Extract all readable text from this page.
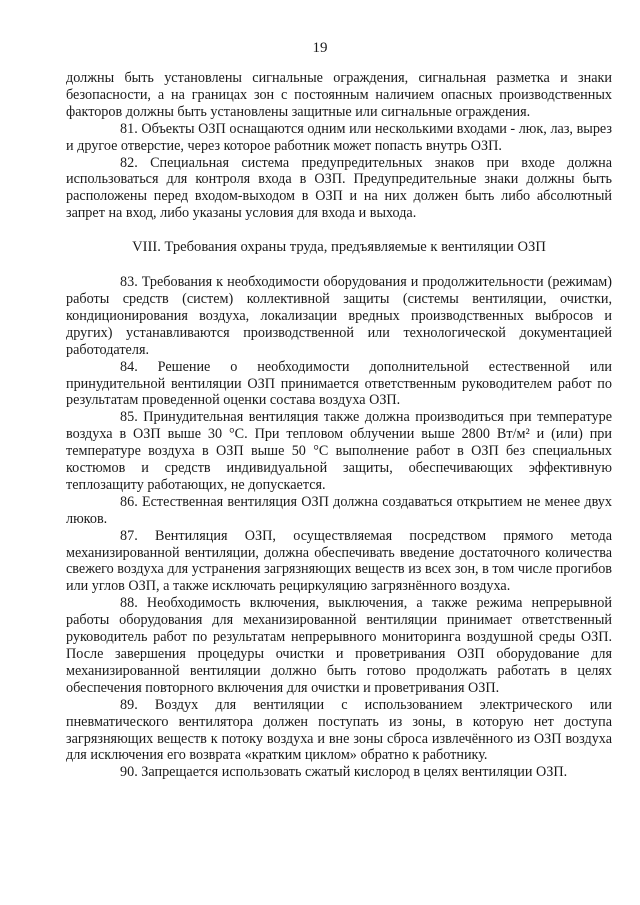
19

должны быть установлены сигнальные ограждения, сигнальная разметка и знаки безопасности, а на границах зон с постоянным наличием опасных производственных факторов должны быть установлены защитные или сигнальные ограждения.

81. Объекты ОЗП оснащаются одним или несколькими входами - люк, лаз, вырез и другое отверстие, через которое работник может попасть внутрь ОЗП.

82. Специальная система предупредительных знаков при входе должна использоваться для контроля входа в ОЗП. Предупредительные знаки должны быть расположены перед входом-выходом в ОЗП и на них должен быть либо абсолютный запрет на вход, либо указаны условия для входа и выхода.

VIII. Требования охраны труда, предъявляемые к вентиляции ОЗП

83. Требования к необходимости оборудования и продолжительности (режимам) работы средств (систем) коллективной защиты (системы вентиляции, очистки, кондиционирования воздуха, локализации вредных производственных выбросов и других) устанавливаются производственной или технологической документацией работодателя.

84. Решение о необходимости дополнительной естественной или принудительной вентиляции ОЗП принимается ответственным руководителем работ по результатам проведенной оценки состава воздуха ОЗП.

85. Принудительная вентиляция также должна производиться при температуре воздуха в ОЗП выше 30 °C. При тепловом облучении выше 2800 Вт/м² и (или) при температуре воздуха в ОЗП выше 50 °C выполнение работ в ОЗП без специальных костюмов и средств индивидуальной защиты, обеспечивающих эффективную теплозащиту работающих, не допускается.

86. Естественная вентиляция ОЗП должна создаваться открытием не менее двух люков.

87. Вентиляция ОЗП, осуществляемая посредством прямого метода механизированной вентиляции, должна обеспечивать введение достаточного количества свежего воздуха для устранения загрязняющих веществ из всех зон, в том числе прогибов или углов ОЗП, а также исключать рециркуляцию загрязнённого воздуха.

88. Необходимость включения, выключения, а также режима непрерывной работы оборудования для механизированной вентиляции принимает ответственный руководитель работ по результатам непрерывного мониторинга воздушной среды ОЗП. После завершения процедуры очистки и проветривания ОЗП оборудование для механизированной вентиляции должно быть готово продолжать работать в целях обеспечения повторного включения для очистки и проветривания ОЗП.

89. Воздух для вентиляции с использованием электрического или пневматического вентилятора должен поступать из зоны, в которую нет доступа загрязняющих веществ к потоку воздуха и вне зоны сброса извлечённого из ОЗП воздуха для исключения его возврата «кратким циклом» обратно к работнику.

90. Запрещается использовать сжатый кислород в целях вентиляции ОЗП.
